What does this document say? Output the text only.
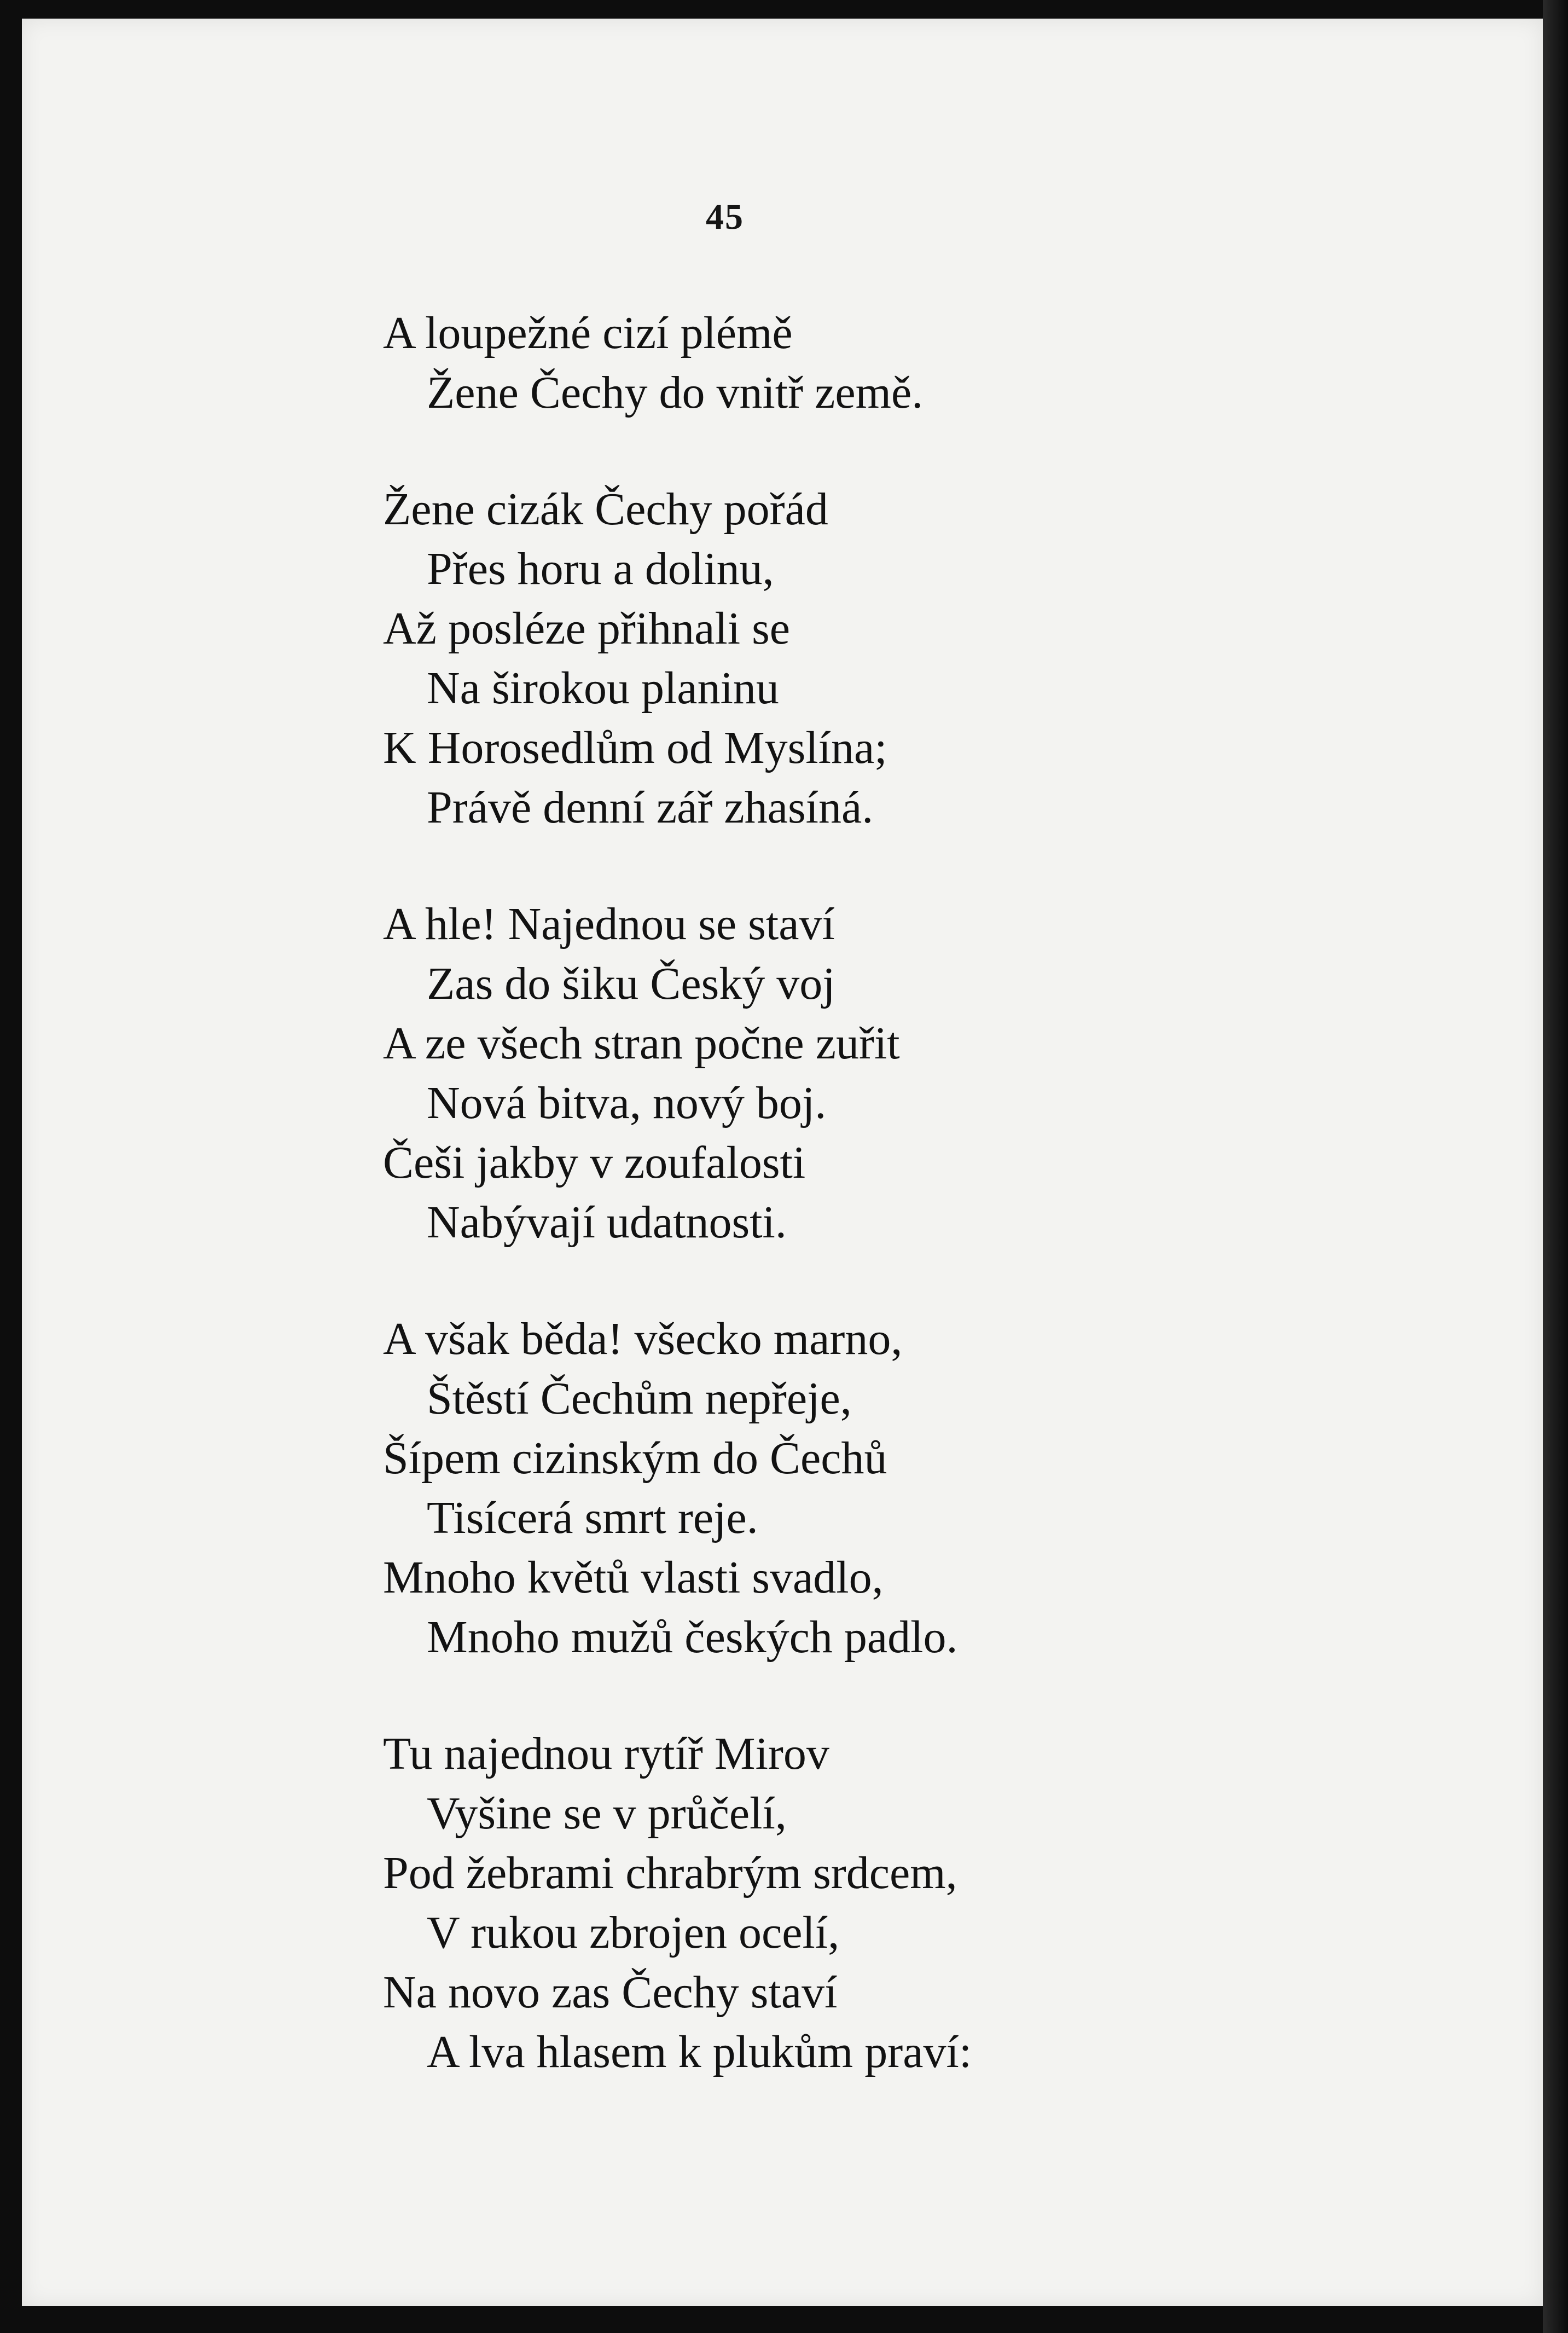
45
A loupežné cizí plémě
Žene Čechy do vnitř země.
Žene cizák Čechy pořád
Přes horu a dolinu,
Až posléze přihnali se
Na širokou planinu
K Horosedlům od Myslína;
Právě denní zář zhasíná.
A hle! Najednou se staví
Zas do šiku Český voj
A ze všech stran počne zuřit
Nová bitva, nový boj.
Češi jakby v zoufalosti
Nabývají udatnosti.
A však běda! všecko marno,
Štěstí Čechům nepřeje,
Šípem cizinským do Čechů
Tisícerá smrt reje.
Mnoho květů vlasti svadlo,
Mnoho mužů českých padlo.
Tu najednou rytíř Mirov
Vyšine se v průčelí,
Pod žebrami chrabrým srdcem,
V rukou zbrojen ocelí,
Na novo zas Čechy staví
A lva hlasem k plukům praví:
